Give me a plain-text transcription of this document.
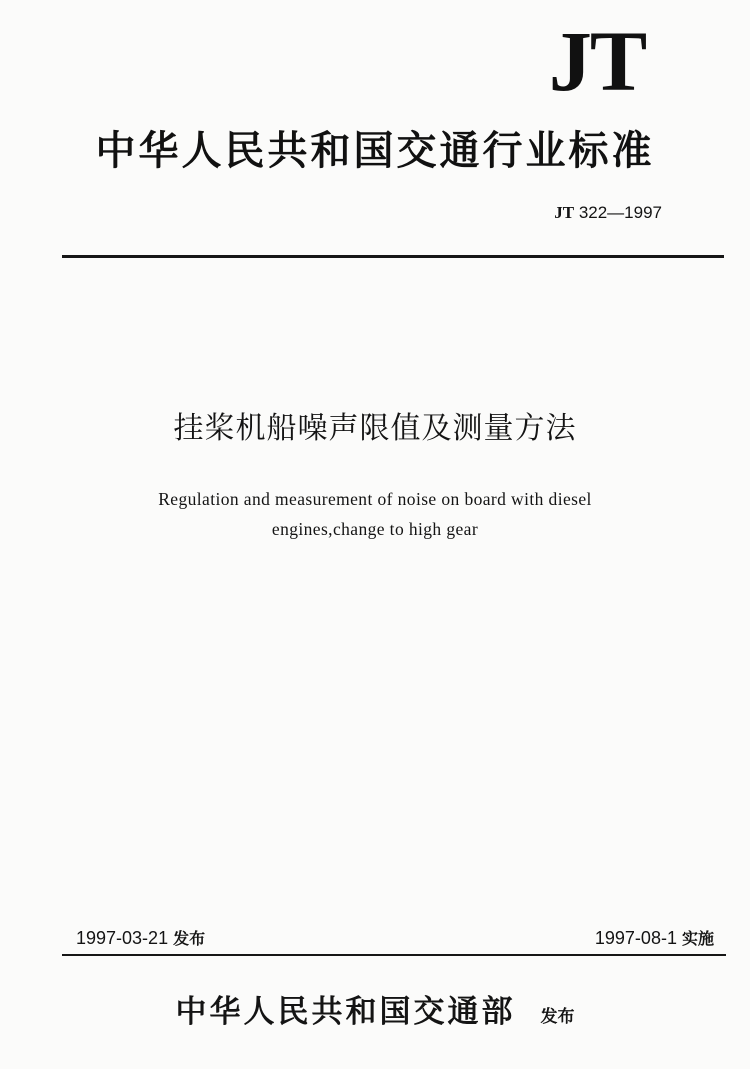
JT
中华人民共和国交通行业标准
JT 322—1997
挂桨机船噪声限值及测量方法
Regulation and measurement of noise on board with diesel
engines,change to high gear
1997-03-21 发布	1997-08-1 实施
中华人民共和国交通部 发布
